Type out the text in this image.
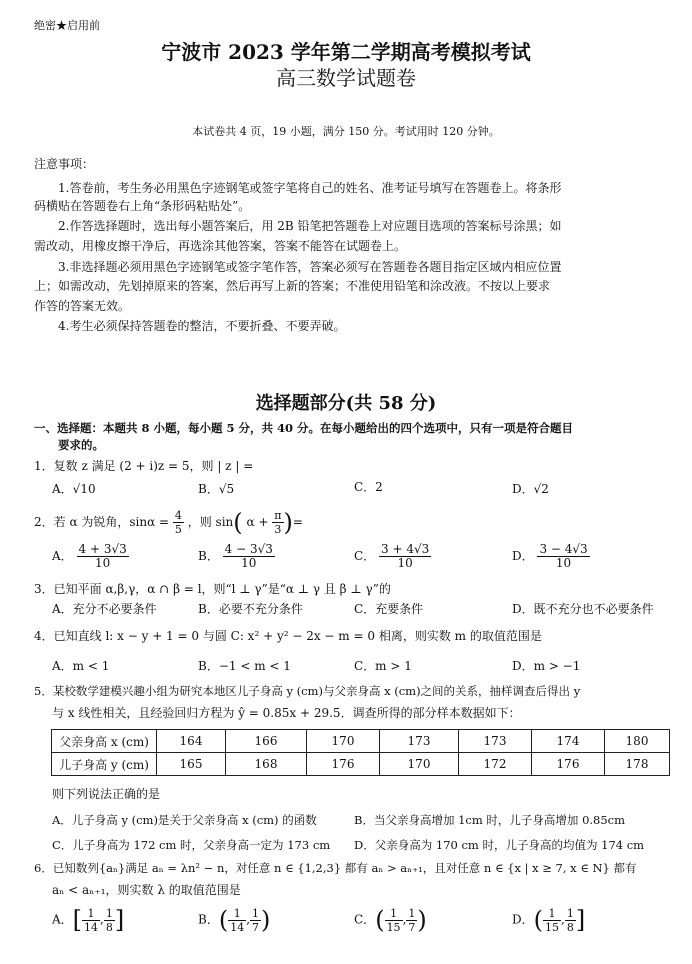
绝密★启用前
宁波市 2023 学年第二学期高考模拟考试
高三数学试题卷
本试卷共 4 页，19 小题，满分 150 分。考试用时 120 分钟。
注意事项：
1.答卷前，考生务必用黑色字迹钢笔或签字笔将自己的姓名、准考证号填写在答题卷上。将条形
码横贴在答题卷右上角“条形码粘贴处”。
2.作答选择题时，选出每小题答案后，用 2B 铅笔把答题卷上对应题目选项的答案标号涂黑；如
需改动，用橡皮擦干净后，再选涂其他答案，答案不能答在试题卷上。
3.非选择题必须用黑色字迹钢笔或签字笔作答，答案必须写在答题卷各题目指定区域内相应位置
上；如需改动，先划掉原来的答案，然后再写上新的答案；不准使用铅笔和涂改液。不按以上要求
作答的答案无效。
4.考生必须保持答题卷的整洁，不要折叠、不要弄破。
选择题部分(共 58 分)
一、选择题：本题共 8 小题，每小题 5 分，共 40 分。在每小题给出的四个选项中，只有一项是符合题目
要求的。
1．复数 z 满足 (2 + i)z = 5，则 | z | =
A．√10	B．√5	C．2	D．√2
2．若 α 为锐角，$\sin\alpha = \frac{4}{5}$ ，则 sin( $\alpha + \frac{\pi}{3}$ )=
A． $\frac{4 + 3√3}{10}$	B． $\frac{4 - 3√3}{10}$	C． $\frac{3 + 4√3}{10}$	D． $\frac{3 - 4√3}{10}$
3．已知平面 α,β,γ，α ∩ β = l，则“l ⊥ γ”是“α ⊥ γ 且 β ⊥ γ”的
A．充分不必要条件	B．必要不充分条件	C．充要条件	D．既不充分也不必要条件
4．已知直线 l: x − y + 1 = 0 与圆 C: x² + y² − 2x − m = 0 相离，则实数 m 的取值范围是
A．m < 1	B．−1 < m < 1	C．m > 1	D．m > −1
5．某校数学建模兴趣小组为研究本地区儿子身高 y (cm)与父亲身高 x (cm)之间的关系，抽样调查后得出 y
与 x 线性相关，且经验回归方程为 ŷ = 0.85x + 29.5．调查所得的部分样本数据如下：
父亲身高 x (cm)	164	166	170	173	173	174	180
儿子身高 y (cm)	165	168	176	170	172	176	178
则下列说法正确的是
A．儿子身高 y (cm)是关于父亲身高 x (cm) 的函数	B．当父亲身高增加 1cm 时，儿子身高增加 0.85cm
C．儿子身高为 172 cm 时，父亲身高一定为 173 cm D．父亲身高为 170 cm 时，儿子身高的均值为 174 cm
6．已知数列{aₙ}满足 aₙ = λn² − n，对任意 n ∈ {1,2,3} 都有 aₙ > aₙ₊₁，且对任意 n ∈ {x | x ≥ 7, x ∈ N} 都有
aₙ < aₙ₊₁，则实数 λ 的取值范围是
A．[ $\frac{1}{14}$ , $\frac{1}{8}$ ]	B．( $\frac{1}{14}$ , $\frac{1}{7}$ )	C．( $\frac{1}{15}$ , $\frac{1}{7}$ )	D．( $\frac{1}{15}$ , $\frac{1}{8}$ ]
